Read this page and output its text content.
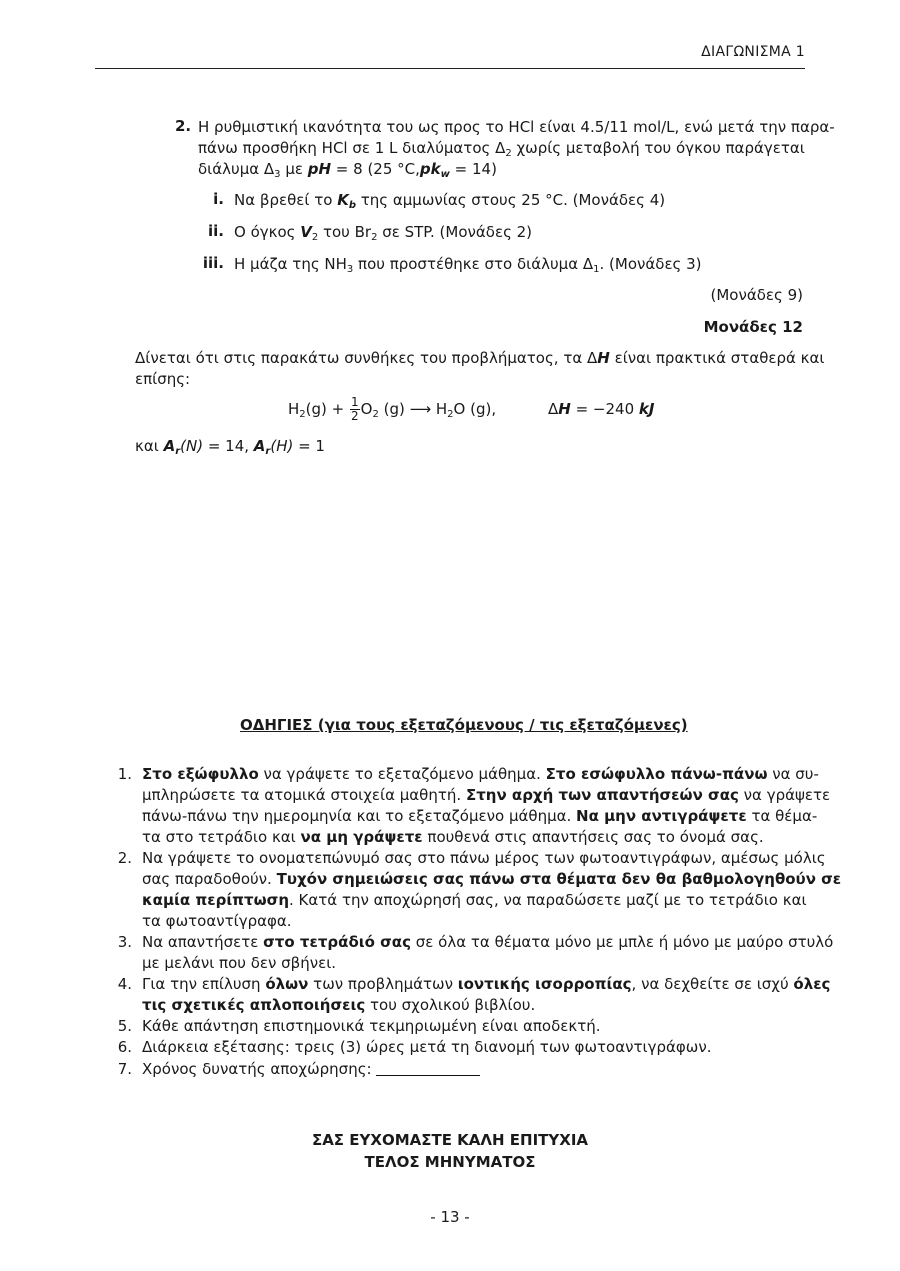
ΔΙΑΓΩΝΙΣΜΑ 1
2. Η ρυθμιστική ικανότητα του ως προς το HCl είναι 4.5/11 mol/L, ενώ μετά την παρα-
πάνω προσθήκη HCl σε 1 L διαλύματος $\Delta_2$ χωρίς μεταβολή του όγκου παράγεται
διάλυμα $\Delta_3$ με pH = 8 (25 $^\circ C,pk_w = 14$)
i. Να βρεθεί το $K_b$ της αμμωνίας στους 25 °C. (Μονάδες 4)
ii. Ο όγκος $V_2$ του $Br_2$ σε STP. (Μονάδες 2)
iii. Η μάζα της $NH_3$ που προστέθηκε στο διάλυμα $\Delta_1$. (Μονάδες 3)
(Μονάδες 9)
Μονάδες 12
Δίνεται ότι στις παρακάτω συνθήκες του προβλήματος, τα ΔH είναι πρακτικά σταθερά και
επίσης:
$H_2(g) + \frac{1}{2} O_2$ (g) ⟶ $H_2O$ (g),	ΔH = −240 kJ
και $A_r(N) = 14$, $A_r(H) = 1$
ΟΔΗΓΙΕΣ (για τους εξεταζόμενους / τις εξεταζόμενες)
1. Στο εξώφυλλο να γράψετε το εξεταζόμενο μάθημα. Στο εσώφυλλο πάνω-πάνω να συ-
μπληρώσετε τα ατομικά στοιχεία μαθητή. Στην αρχή των απαντήσεών σας να γράψετε
πάνω-πάνω την ημερομηνία και το εξεταζόμενο μάθημα. Να μην αντιγράψετε τα θέμα-
τα στο τετράδιο και να μη γράψετε πουθενά στις απαντήσεις σας το όνομά σας.
2. Να γράψετε το ονοματεπώνυμό σας στο πάνω μέρος των φωτοαντιγράφων, αμέσως μόλις
σας παραδοθούν. Τυχόν σημειώσεις σας πάνω στα θέματα δεν θα βαθμολογηθούν σε
καμία περίπτωση. Κατά την αποχώρησή σας, να παραδώσετε μαζί με το τετράδιο και
τα φωτοαντίγραφα.
3. Να απαντήσετε στο τετράδιό σας σε όλα τα θέματα μόνο με μπλε ή μόνο με μαύρο στυλό
με μελάνι που δεν σβήνει.
4. Για την επίλυση όλων των προβλημάτων ιοντικής ισορροπίας, να δεχθείτε σε ισχύ όλες
τις σχετικές απλοποιήσεις του σχολικού βιβλίου.
5. Κάθε απάντηση επιστημονικά τεκμηριωμένη είναι αποδεκτή.
6. Διάρκεια εξέτασης: τρεις (3) ώρες μετά τη διανομή των φωτοαντιγράφων.
7. Χρόνος δυνατής αποχώρησης:
ΣΑΣ ΕΥΧΟΜΑΣΤΕ ΚΑΛΗ ΕΠΙΤΥΧΙΑ
ΤΕΛΟΣ ΜΗΝΥΜΑΤΟΣ
- 13 -
